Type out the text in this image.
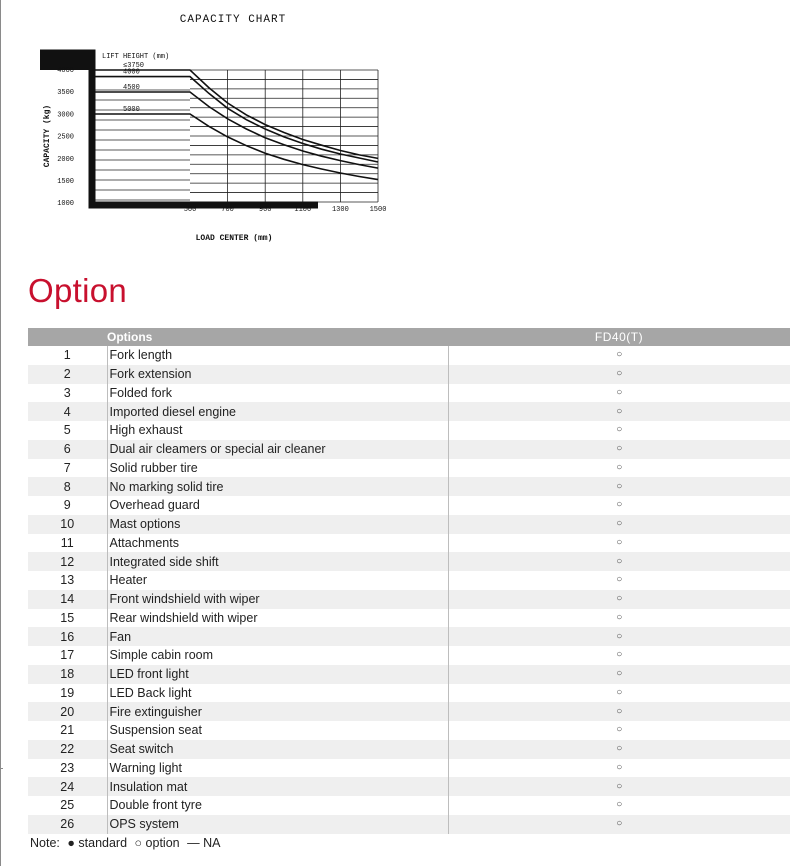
≤3750
4000
4500
5000
CAPACITY CHART
LIFT HEIGHT (mm)
4000
3500
3000
2500
2000
1500
1000
500	700	900	1100	1300	1500
LOAD CENTER (mm)
CAPACITY (kg)
Option
	Options	FD40(T)
1	Fork length	○
2	Fork extension	○
3	Folded fork	○
4	Imported diesel engine	○
5	High exhaust	○
6	Dual air cleamers or special air cleaner	○
7	Solid rubber tire	○
8	No marking solid tire	○
9	Overhead guard	○
10	Mast options	○
11	Attachments	○
12	Integrated side shift	○
13	Heater	○
14	Front windshield with wiper	○
15	Rear windshield with wiper	○
16	Fan	○
17	Simple cabin room	○
18	LED front light	○
19	LED Back light	○
20	Fire extinguisher	○
21	Suspension seat	○
22	Seat switch	○
23	Warning light	○
24	Insulation mat	○
25	Double front tyre	○
26	OPS system	○
Note: ● standard ○ option — NA
